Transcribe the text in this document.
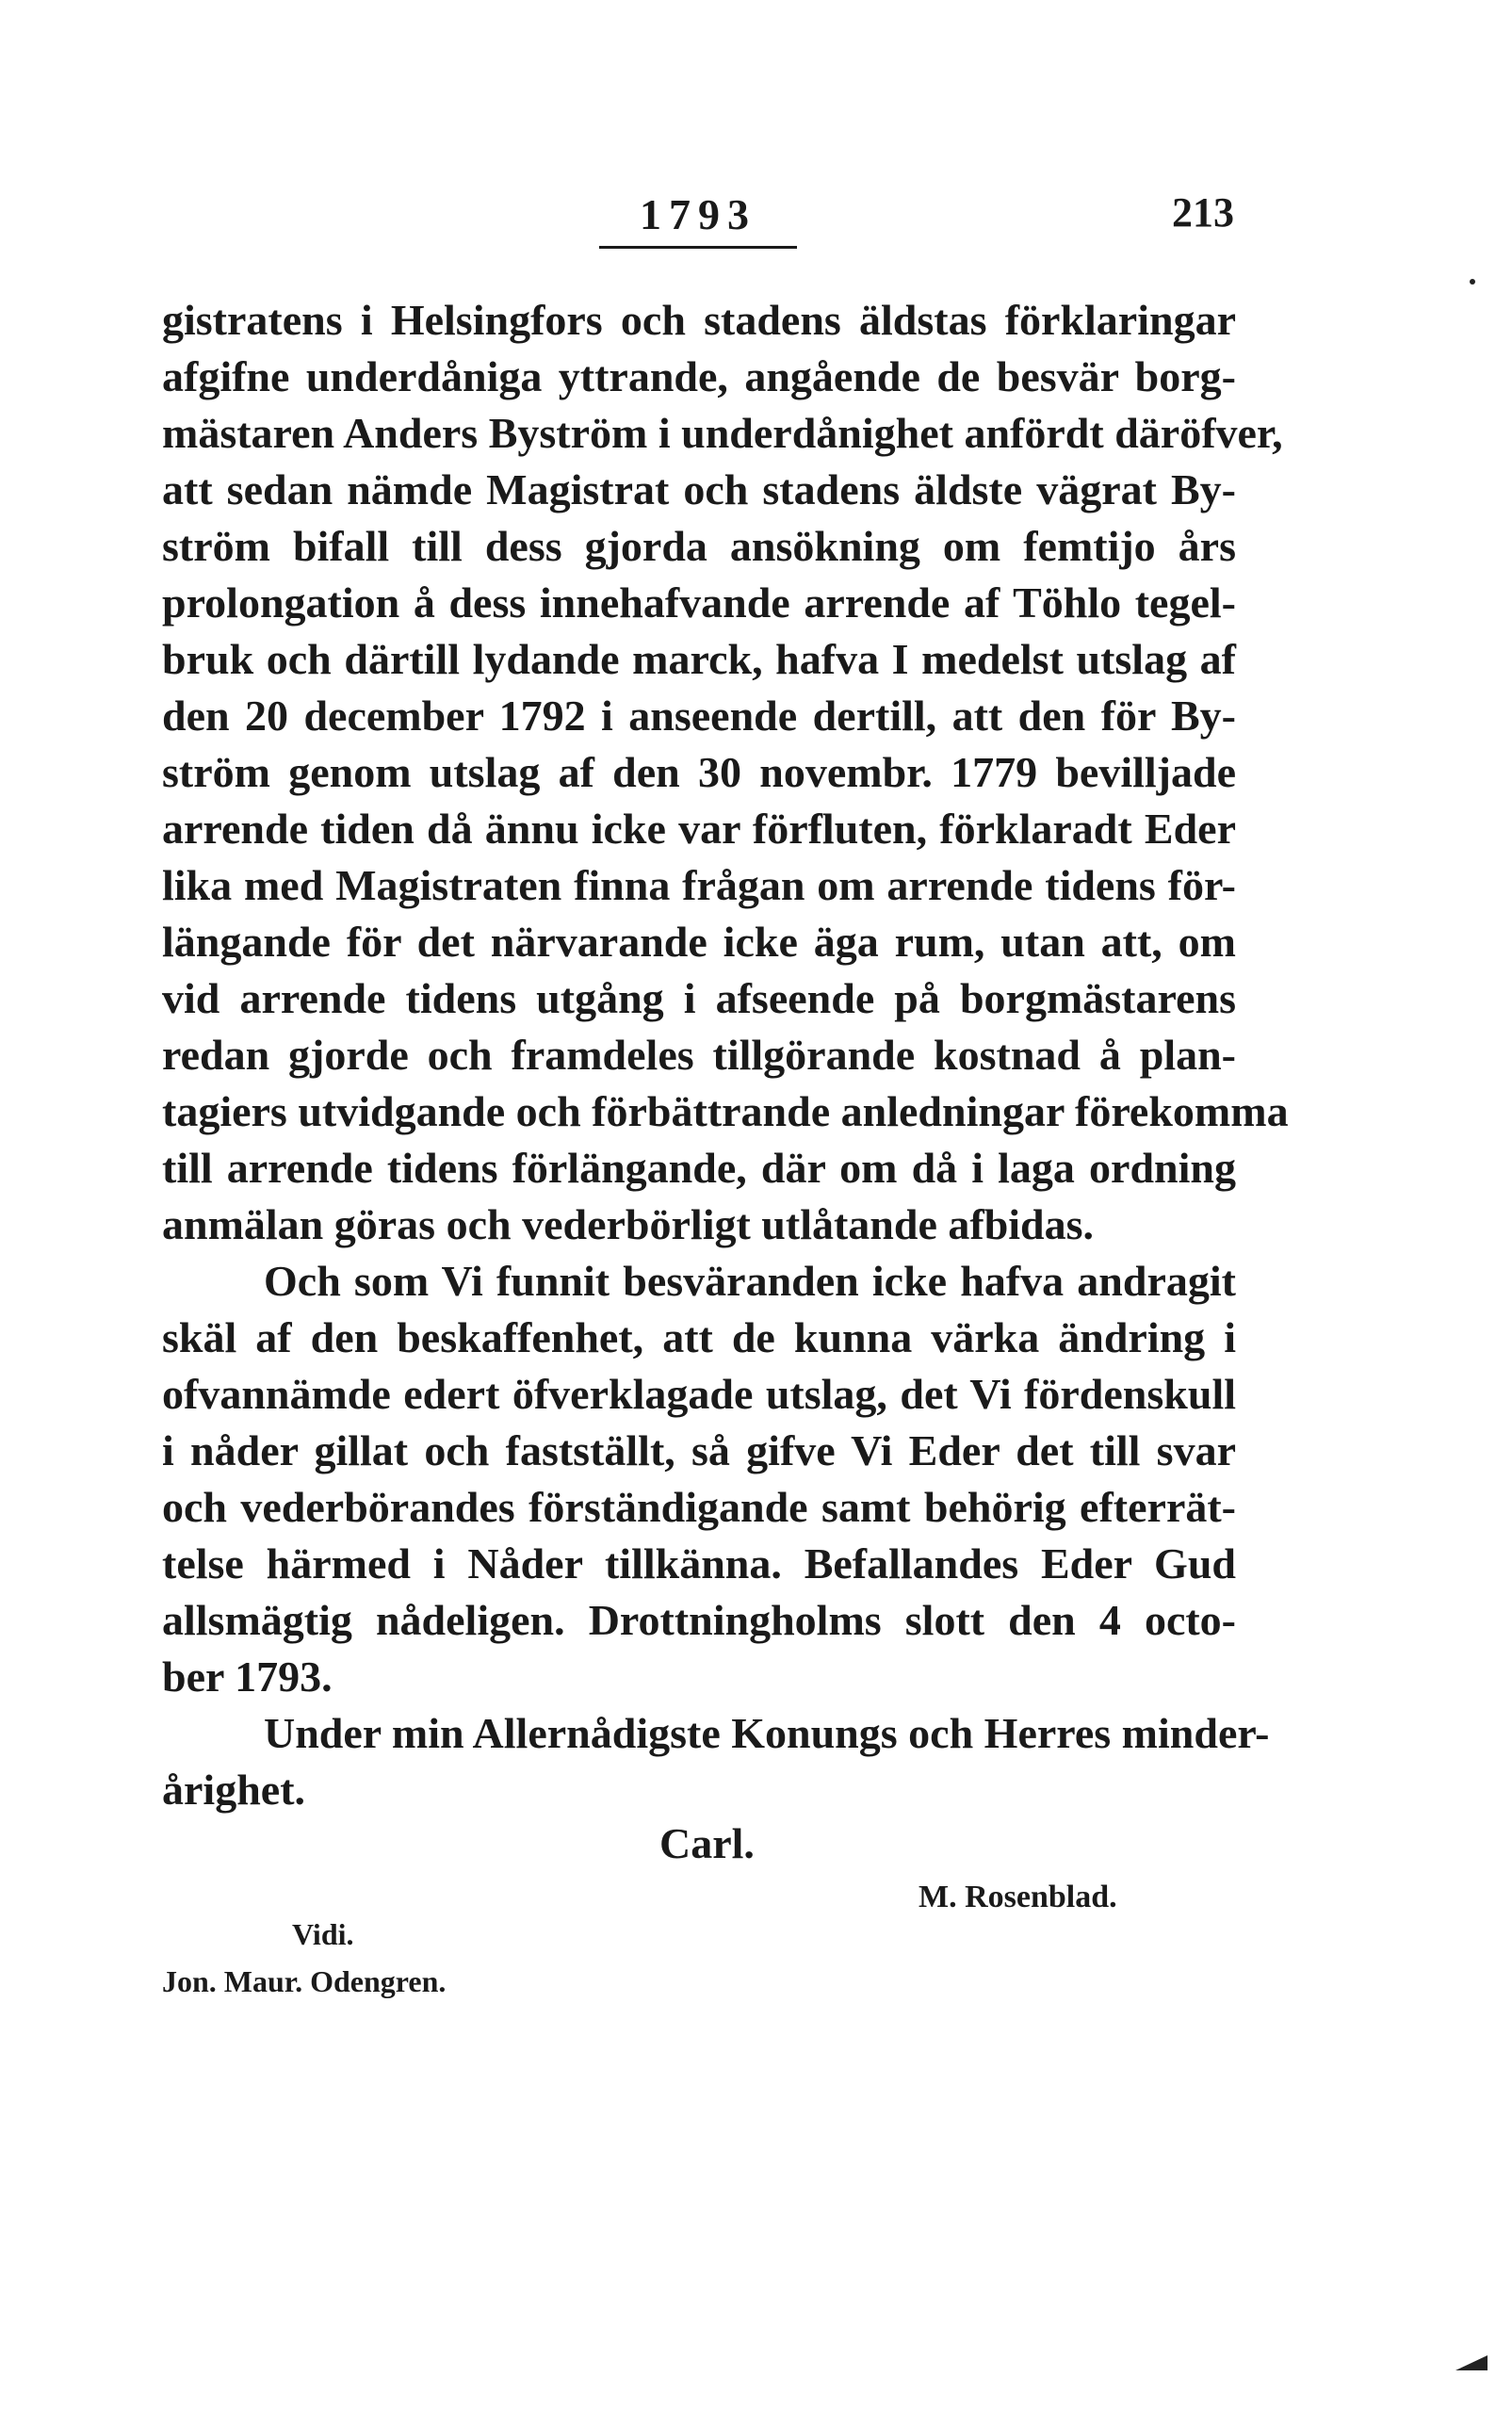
1793	213
gistratens i Helsingfors och stadens äldstas förklaringar
afgifne underdåniga yttrande, angående de besvär borg-
mästaren Anders Byström i underdånighet anfördt däröfver,
att sedan nämde Magistrat och stadens äldste vägrat By-
ström bifall till dess gjorda ansökning om femtijo års
prolongation å dess innehafvande arrende af Töhlo tegel-
bruk och därtill lydande marck, hafva I medelst utslag af
den 20 december 1792 i anseende dertill, att den för By-
ström genom utslag af den 30 novembr. 1779 bevilljade
arrende tiden då ännu icke var förfluten, förklaradt Eder
lika med Magistraten finna frågan om arrende tidens för-
längande för det närvarande icke äga rum, utan att, om
vid arrende tidens utgång i afseende på borgmästarens
redan gjorde och framdeles tillgörande kostnad å plan-
tagiers utvidgande och förbättrande anledningar förekomma
till arrende tidens förlängande, där om då i laga ordning
anmälan göras och vederbörligt utlåtande afbidas.
Och som Vi funnit besväranden icke hafva andragit
skäl af den beskaffenhet, att de kunna värka ändring i
ofvannämde edert öfverklagade utslag, det Vi fördenskull
i nåder gillat och fastställt, så gifve Vi Eder det till svar
och vederbörandes förständigande samt behörig efterrät-
telse härmed i Nåder tillkänna. Befallandes Eder Gud
allsmägtig nådeligen. Drottningholms slott den 4 octo-
ber 1793.
Under min Allernådigste Konungs och Herres minder-
årighet.
Carl.
M. Rosenblad.
Vidi.
Jon. Maur. Odengren.
